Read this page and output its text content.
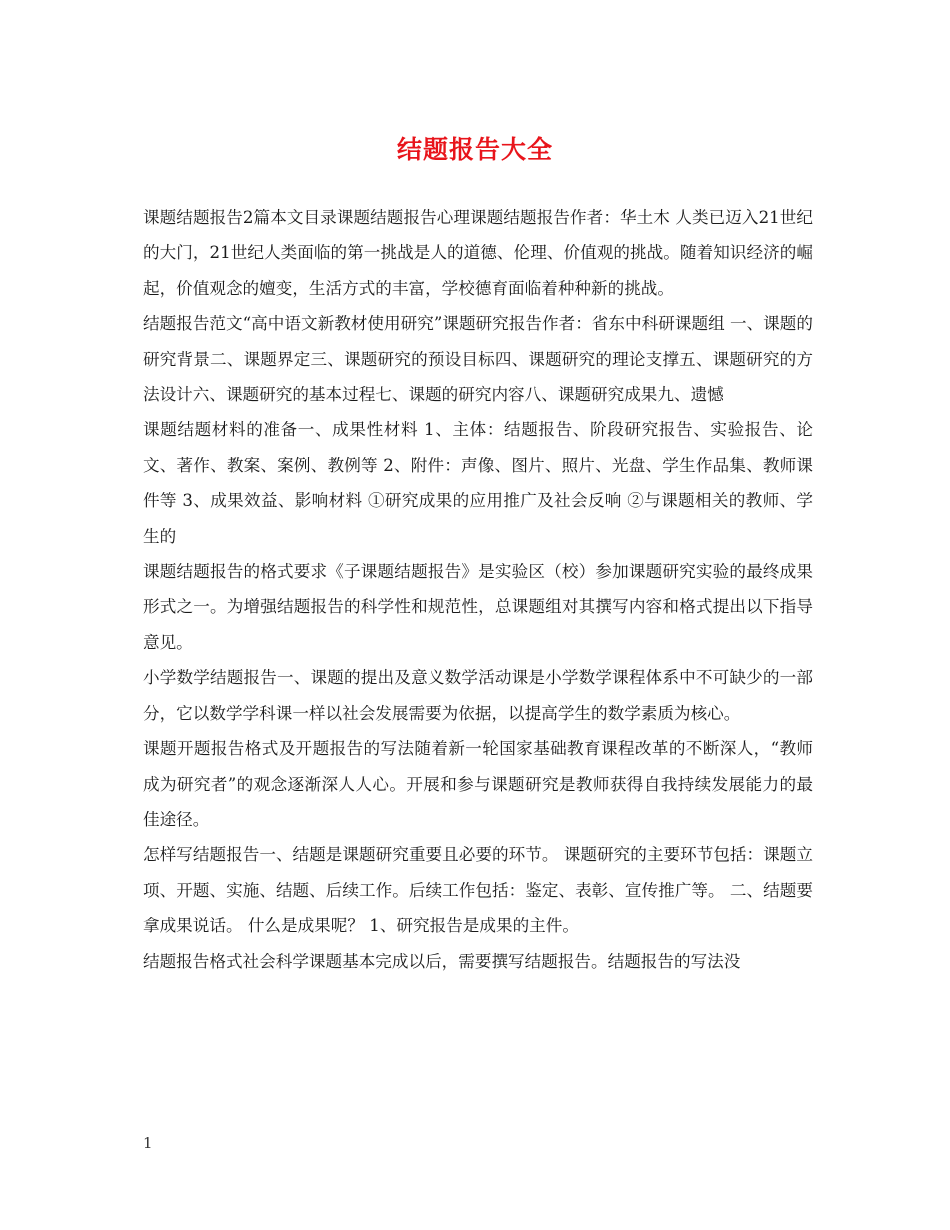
结题报告大全

课题结题报告2篇本文目录课题结题报告心理课题结题报告作者：华土木 人类已迈入21世纪的大门，21世纪人类面临的第一挑战是人的道德、伦理、价值观的挑战。随着知识经济的崛起，价值观念的嬗变，生活方式的丰富，学校德育面临着种种新的挑战。

结题报告范文“高中语文新教材使用研究”课题研究报告作者：省东中科研课题组 一、课题的研究背景二、课题界定三、课题研究的预设目标四、课题研究的理论支撑五、课题研究的方法设计六、课题研究的基本过程七、课题的研究内容八、课题研究成果九、遗憾

课题结题材料的准备一、成果性材料 1、主体：结题报告、阶段研究报告、实验报告、论文、著作、教案、案例、教例等 2、附件：声像、图片、照片、光盘、学生作品集、教师课件等 3、成果效益、影响材料 ①研究成果的应用推广及社会反响 ②与课题相关的教师、学生的

课题结题报告的格式要求《子课题结题报告》是实验区（校）参加课题研究实验的最终成果形式之一。为增强结题报告的科学性和规范性，总课题组对其撰写内容和格式提出以下指导意见。

小学数学结题报告一、课题的提出及意义数学活动课是小学数学课程体系中不可缺少的一部分，它以数学学科课一样以社会发展需要为依据，以提高学生的数学素质为核心。

课题开题报告格式及开题报告的写法随着新一轮国家基础教育课程改革的不断深人，“教师成为研究者”的观念逐渐深人人心。开展和参与课题研究是教师获得自我持续发展能力的最佳途径。

怎样写结题报告一、结题是课题研究重要且必要的环节。 课题研究的主要环节包括：课题立项、开题、实施、结题、后续工作。后续工作包括：鉴定、表彰、宣传推广等。 二、结题要拿成果说话。 什么是成果呢？ 1、研究报告是成果的主件。

结题报告格式社会科学课题基本完成以后，需要撰写结题报告。结题报告的写法没

1
